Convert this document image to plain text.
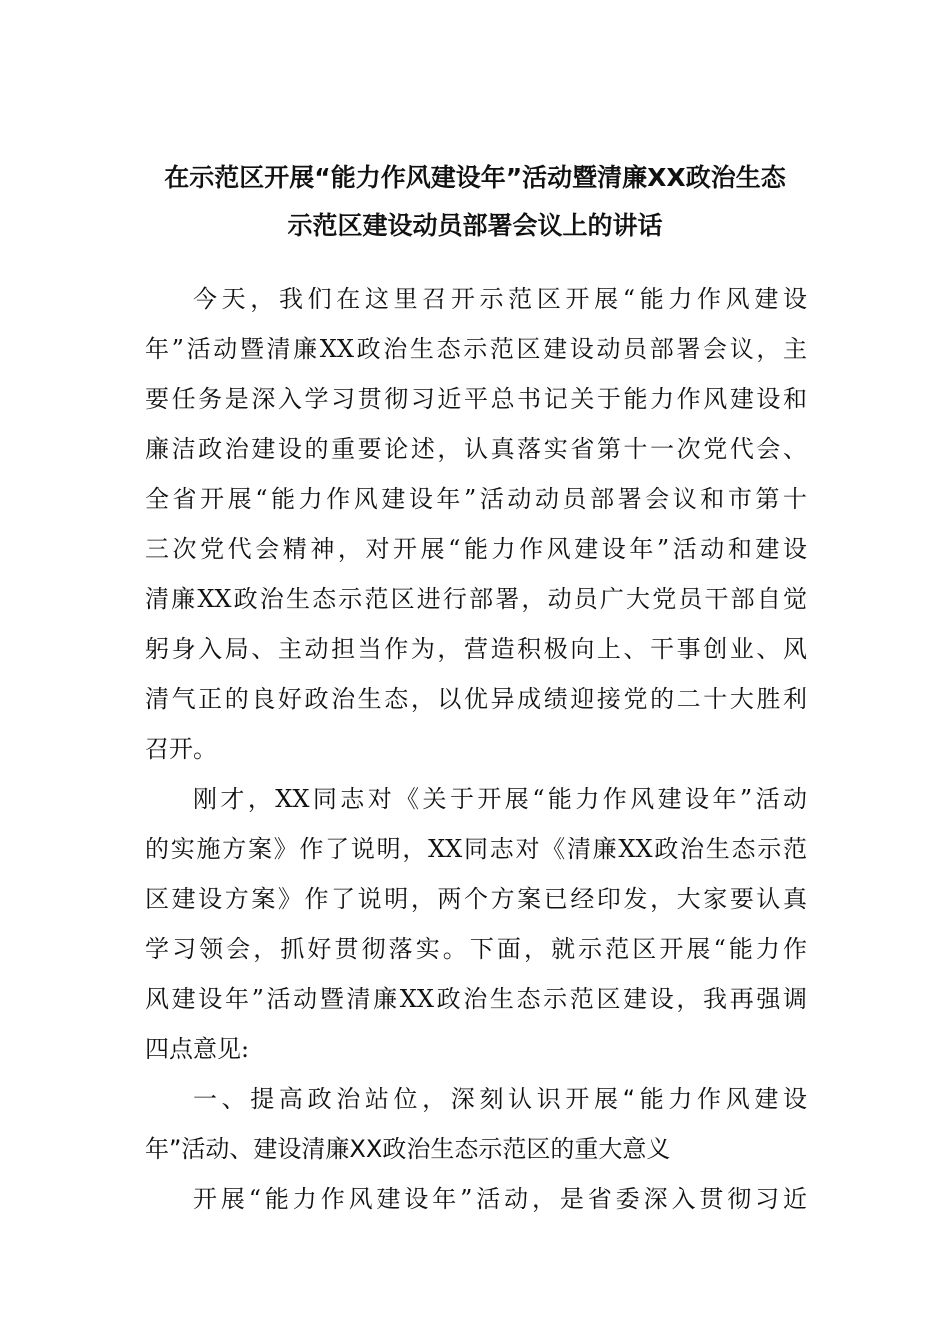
在示范区开展“能力作风建设年”活动暨清廉XX政治生态
示范区建设动员部署会议上的讲话
今天，我们在这里召开示范区开展“能力作风建设
年”活动暨清廉XX政治生态示范区建设动员部署会议，主
要任务是深入学习贯彻习近平总书记关于能力作风建设和
廉洁政治建设的重要论述，认真落实省第十一次党代会、
全省开展“能力作风建设年”活动动员部署会议和市第十
三次党代会精神，对开展“能力作风建设年”活动和建设
清廉XX政治生态示范区进行部署，动员广大党员干部自觉
躬身入局、主动担当作为，营造积极向上、干事创业、风
清气正的良好政治生态，以优异成绩迎接党的二十大胜利
召开。
刚才，XX同志对《关于开展“能力作风建设年”活动
的实施方案》作了说明，XX同志对《清廉XX政治生态示范
区建设方案》作了说明，两个方案已经印发，大家要认真
学习领会，抓好贯彻落实。下面，就示范区开展“能力作
风建设年”活动暨清廉XX政治生态示范区建设，我再强调
四点意见:
一、提高政治站位，深刻认识开展“能力作风建设
年”活动、建设清廉XX政治生态示范区的重大意义
开展“能力作风建设年”活动，是省委深入贯彻习近
